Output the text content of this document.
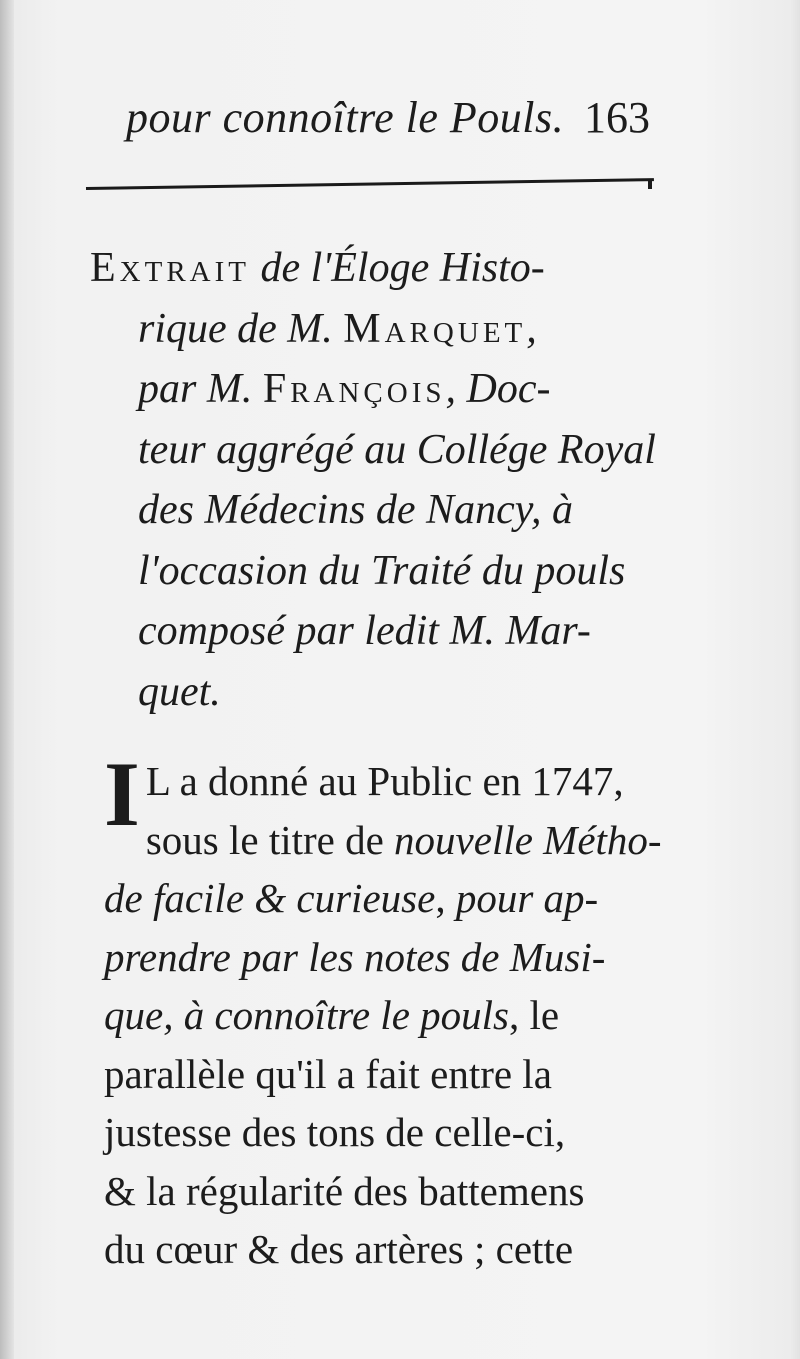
pour connoître le Pouls. 163
Extrait de l'Éloge Histo-
rique de M. Marquet,
par M. François, Doc-
teur aggrégé au Collége Royal
des Médecins de Nancy, à
l'occasion du Traité du pouls
composé par ledit M. Mar-
quet.
I L a donné au Public en 1747,
sous le titre de nouvelle Métho-
de facile & curieuse, pour ap-
prendre par les notes de Musi-
que, à connoître le pouls, le
parallèle qu'il a fait entre la
justesse des tons de celle-ci,
& la régularité des battemens
du cœur & des artères ; cette
